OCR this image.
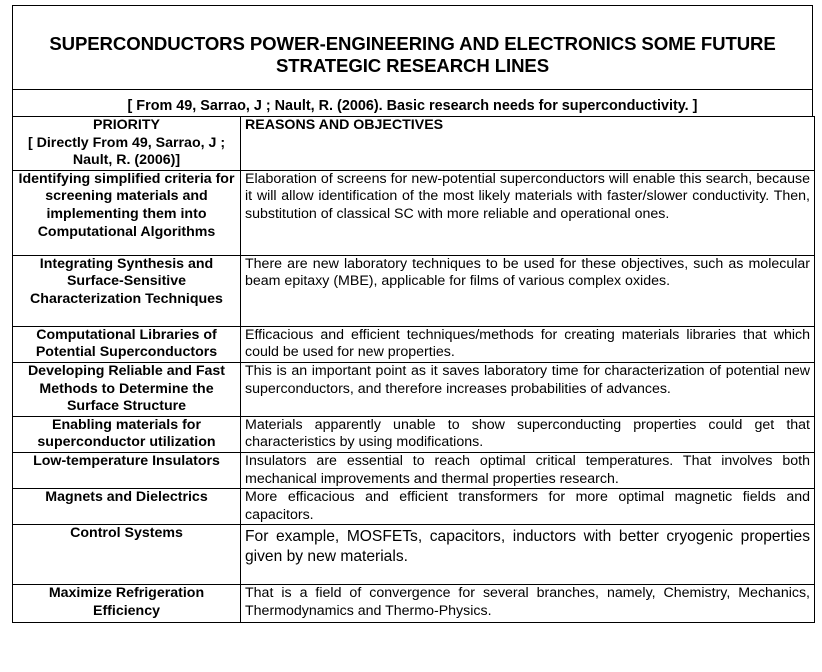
SUPERCONDUCTORS POWER-ENGINEERING AND ELECTRONICS SOME FUTURE STRATEGIC RESEARCH LINES
[ From 49, Sarrao, J ; Nault, R. (2006). Basic research needs for superconductivity. ]
PRIORITY
[ Directly From 49, Sarrao, J ; Nault, R. (2006)]	REASONS AND OBJECTIVES
Identifying simplified criteria for screening materials and implementing them into Computational Algorithms	Elaboration of screens for new-potential superconductors will enable this search, because it will allow identification of the most likely materials with faster/slower conductivity. Then, substitution of classical SC with more reliable and operational ones.
Integrating Synthesis and Surface-Sensitive Characterization Techniques	There are new laboratory techniques to be used for these objectives, such as molecular beam epitaxy (MBE), applicable for films of various complex oxides.
Computational Libraries of Potential Superconductors	Efficacious and efficient techniques/methods for creating materials libraries that which could be used for new properties.
Developing Reliable and Fast Methods to Determine the Surface Structure	This is an important point as it saves laboratory time for characterization of potential new superconductors, and therefore increases probabilities of advances.
Enabling materials for superconductor utilization	Materials apparently unable to show superconducting properties could get that characteristics by using modifications.
Low-temperature Insulators	Insulators are essential to reach optimal critical temperatures. That involves both mechanical improvements and thermal properties research.
Magnets and Dielectrics	More efficacious and efficient transformers for more optimal magnetic fields and capacitors.
Control Systems	For example, MOSFETs, capacitors, inductors with better cryogenic properties given by new materials.
Maximize Refrigeration Efficiency	That is a field of convergence for several branches, namely, Chemistry, Mechanics, Thermodynamics and Thermo-Physics.
